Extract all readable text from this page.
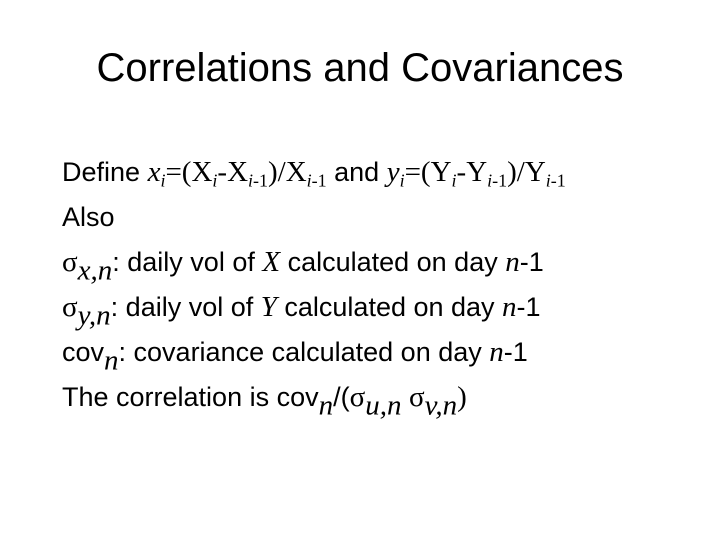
Correlations and Covariances
Define $x_i=(X_i-X_{i-1})/X_{i-1}$ and $y_i=(Y_i-Y_{i-1})/Y_{i-1}$
Also
$\sigma_{x,n}$: daily vol of X calculated on day n-1
$\sigma_{y,n}$: daily vol of Y calculated on day n-1
cov$_n$: covariance calculated on day n-1
The correlation is $cov_n/(\sigma_{u,n}$ $\sigma_{v,n}$)
